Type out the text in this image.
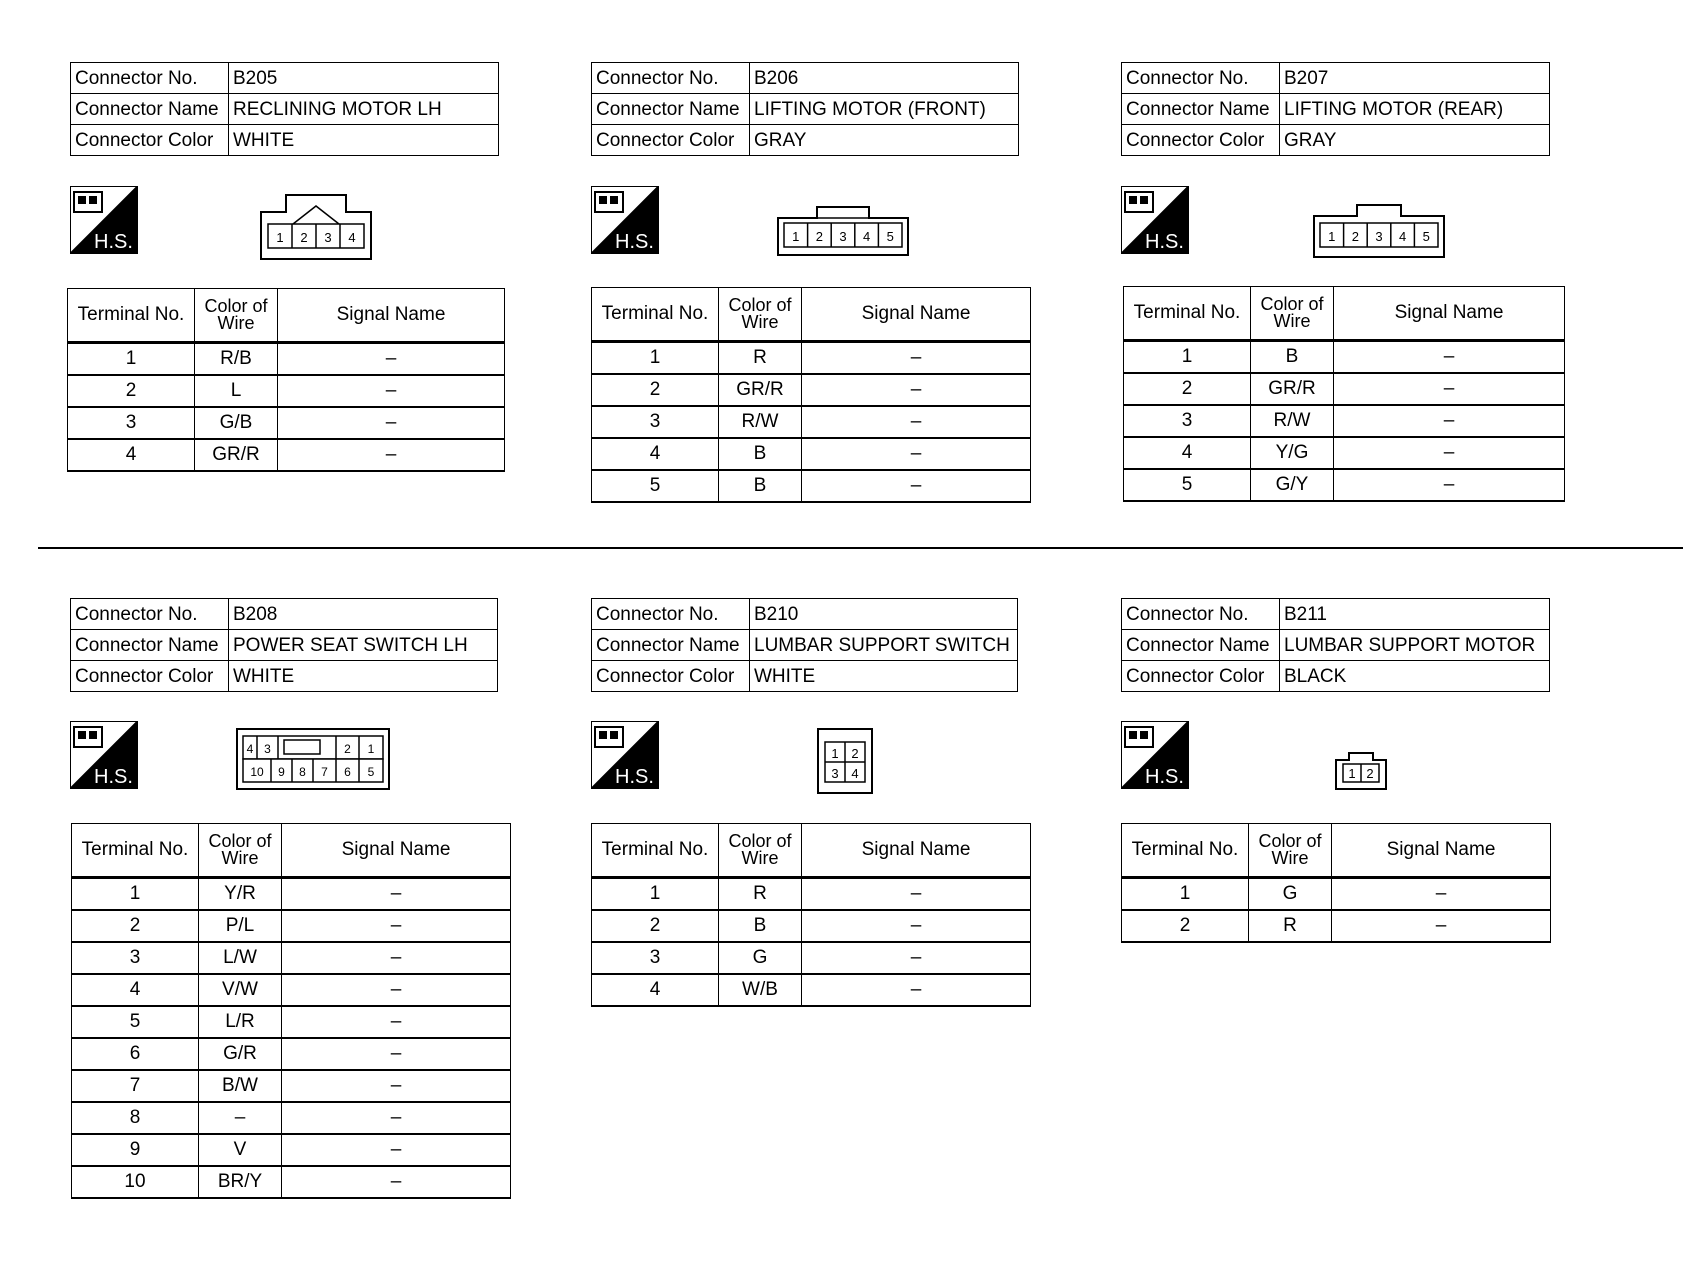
Connector No.	B205
Connector Name	RECLINING MOTOR LH
Connector Color	WHITE
H.S.	1 2 3 4
Terminal No.	Color of Wire	Signal Name
1	R/B	–
2	L	–
3	G/B	–
4	GR/R	–
Connector No.	B206
Connector Name	LIFTING MOTOR (FRONT)
Connector Color	GRAY
H.S.	1 2 3 4 5
Terminal No.	Color of Wire	Signal Name
1	R	–
2	GR/R	–
3	R/W	–
4	B	–
5	B	–
Connector No.	B207
Connector Name	LIFTING MOTOR (REAR)
Connector Color	GRAY
H.S.	1 2 3 4 5
Terminal No.	Color of Wire	Signal Name
1	B	–
2	GR/R	–
3	R/W	–
4	Y/G	–
5	G/Y	–
Connector No.	B208
Connector Name	POWER SEAT SWITCH LH
Connector Color	WHITE
H.S.
4 3	2 1
10 9 8 7 6 5
Terminal No.	Color of Wire	Signal Name
1	Y/R	–
2	P/L	–
3	L/W	–
4	V/W	–
5	L/R	–
6	G/R	–
7	B/W	–
8	–	–
9	V	–
10	BR/Y	–
Connector No.	B210
Connector Name	LUMBAR SUPPORT SWITCH
Connector Color	WHITE
H.S.
1 2
3 4
Terminal No.	Color of Wire	Signal Name
1	R	–
2	B	–
3	G	–
4	W/B	–
Connector No.	B211
Connector Name	LUMBAR SUPPORT MOTOR
Connector Color	BLACK
H.S.	1 2
Terminal No.	Color of Wire	Signal Name
1	G	–
2	R	–
